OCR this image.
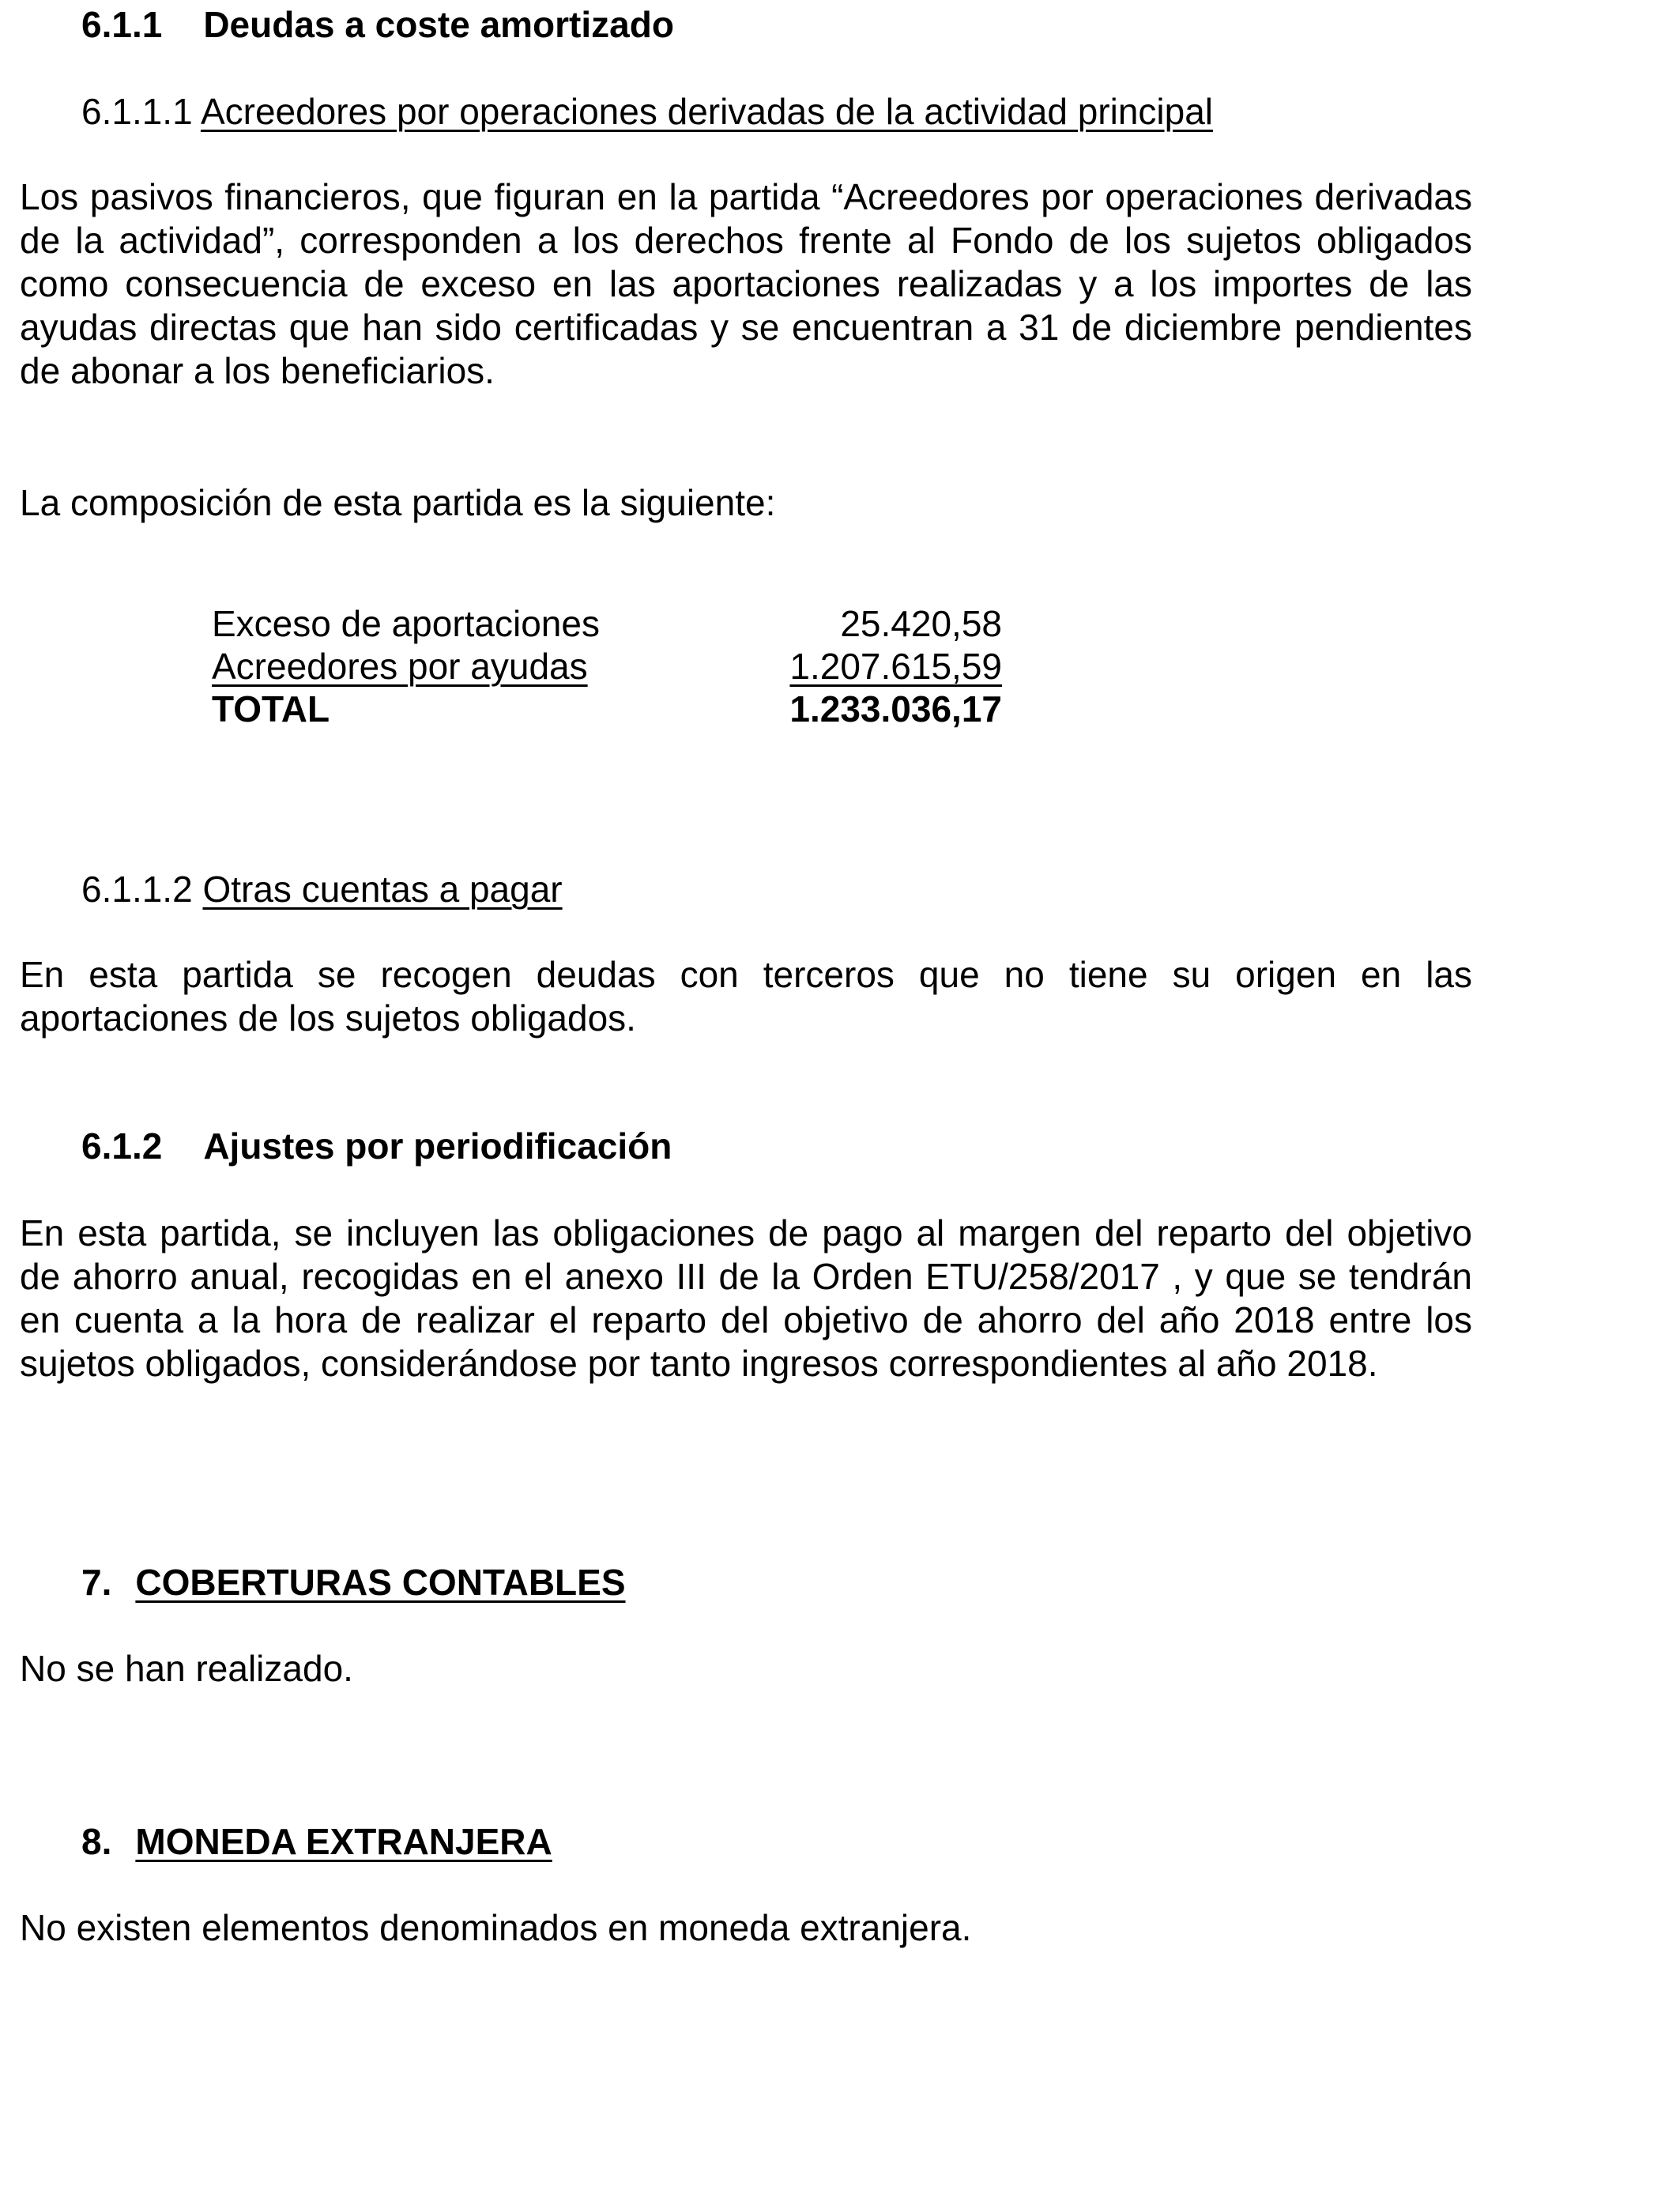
6.1.1 Deudas a coste amortizado
6.1.1.1 Acreedores por operaciones derivadas de la actividad principal

Los pasivos financieros, que figuran en la partida “Acreedores por operaciones derivadas de la actividad”, corresponden a los derechos frente al Fondo de los sujetos obligados como consecuencia de exceso en las aportaciones realizadas y a los importes de las ayudas directas que han sido certificadas y se encuentran a 31 de diciembre pendientes de abonar a los beneficiarios.

La composición de esta partida es la siguiente:
Exceso de aportaciones	25.420,58
Acreedores por ayudas	1.207.615,59
TOTAL	1.233.036,17
6.1.1.2 Otras cuentas a pagar

En esta partida se recogen deudas con terceros que no tiene su origen en las aportaciones de los sujetos obligados.

6.1.2 Ajustes por periodificación

En esta partida, se incluyen las obligaciones de pago al margen del reparto del objetivo de ahorro anual, recogidas en el anexo III de la Orden ETU/258/2017 , y que se tendrán en cuenta a la hora de realizar el reparto del objetivo de ahorro del año 2018 entre los sujetos obligados, considerándose por tanto ingresos correspondientes al año 2018.

7. COBERTURAS CONTABLES
No se han realizado.
8. MONEDA EXTRANJERA
No existen elementos denominados en moneda extranjera.
